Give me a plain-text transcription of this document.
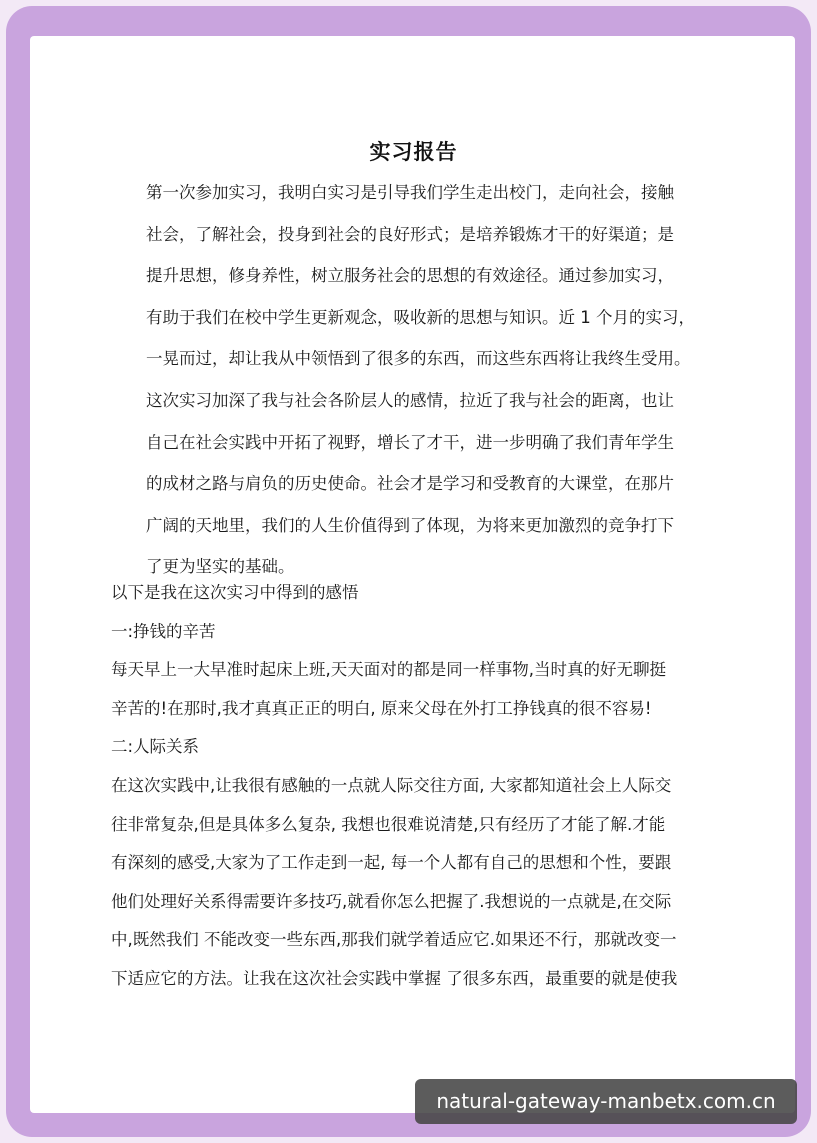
实习报告
第一次参加实习，我明白实习是引导我们学生走出校门，走向社会，接触
社会，了解社会，投身到社会的良好形式；是培养锻炼才干的好渠道；是
提升思想，修身养性，树立服务社会的思想的有效途径。通过参加实习，
有助于我们在校中学生更新观念，吸收新的思想与知识。近 1 个月的实习，
一晃而过，却让我从中领悟到了很多的东西，而这些东西将让我终生受用。
这次实习加深了我与社会各阶层人的感情，拉近了我与社会的距离，也让
自己在社会实践中开拓了视野，增长了才干，进一步明确了我们青年学生
的成材之路与肩负的历史使命。社会才是学习和受教育的大课堂，在那片
广阔的天地里，我们的人生价值得到了体现，为将来更加激烈的竞争打下
了更为坚实的基础。
以下是我在这次实习中得到的感悟
一:挣钱的辛苦
每天早上一大早准时起床上班,天天面对的都是同一样事物,当时真的好无聊挺
辛苦的!在那时,我才真真正正的明白, 原来父母在外打工挣钱真的很不容易!
二:人际关系
在这次实践中,让我很有感触的一点就人际交往方面, 大家都知道社会上人际交
往非常复杂,但是具体多么复杂, 我想也很难说清楚,只有经历了才能了解.才能
有深刻的感受,大家为了工作走到一起, 每一个人都有自己的思想和个性，要跟
他们处理好关系得需要许多技巧,就看你怎么把握了.我想说的一点就是,在交际
中,既然我们 不能改变一些东西,那我们就学着适应它.如果还不行，那就改变一
下适应它的方法。让我在这次社会实践中掌握 了很多东西，最重要的就是使我
natural-gateway-manbetx.com.cn
